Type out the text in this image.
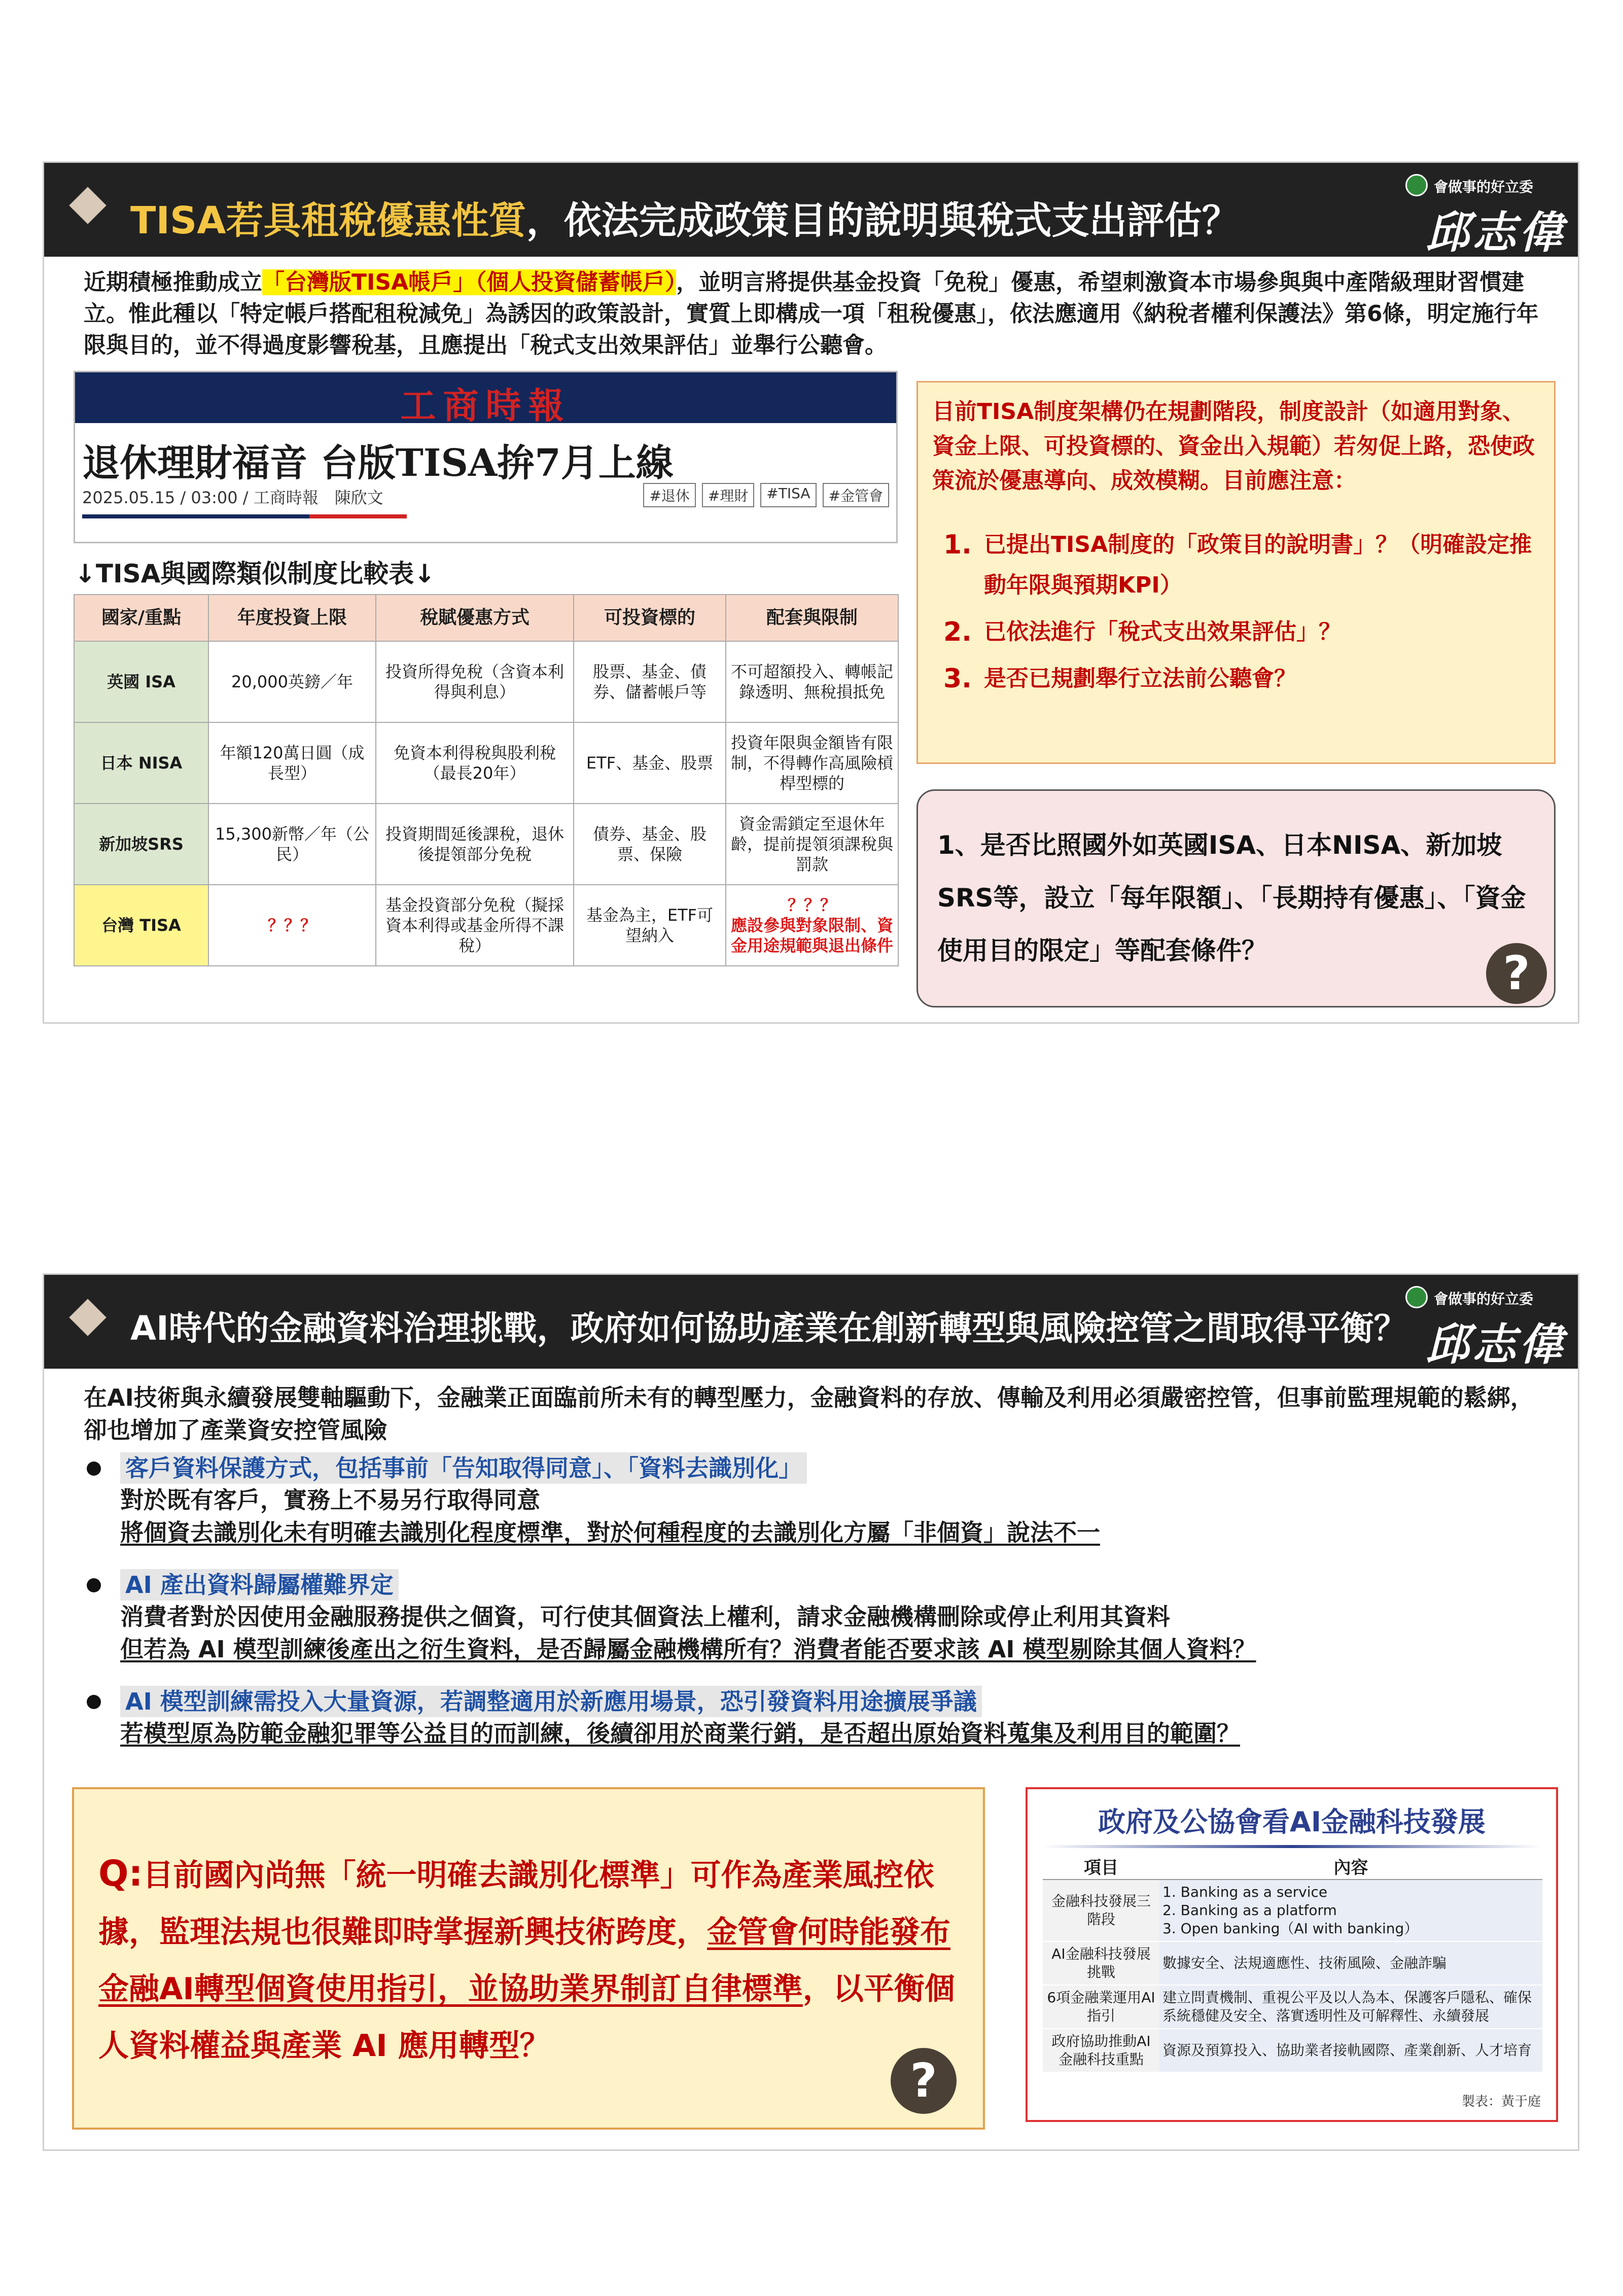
TISA若具租稅優惠性質，依法完成政策目的說明與稅式支出評估？
會做事的好立委
邱志偉
近期積極推動成立「台灣版TISA帳戶」（個人投資儲蓄帳戶），並明言將提供基金投資「免稅」優惠，希望刺激資本市場參與與中產階級理財習慣建立。惟此種以「特定帳戶搭配租稅減免」為誘因的政策設計，實質上即構成一項「租稅優惠」，依法應適用《納稅者權利保護法》第6條，明定施行年限與目的，並不得過度影響稅基，且應提出「稅式支出效果評估」並舉行公聽會。
工商時報
退休理財福音 台版TISA拚7月上線
2025.05.15 / 03:00 / 工商時報　陳欣文	#退休	#理財	#TISA	#金管會
↓TISA與國際類似制度比較表↓
國家/重點	年度投資上限	稅賦優惠方式	可投資標的	配套與限制
英國 ISA	20,000英鎊／年	投資所得免稅（含資本利得與利息）	股票、基金、債券、儲蓄帳戶等	不可超額投入、轉帳記錄透明、無稅損抵免
日本 NISA	年額120萬日圓（成長型）	免資本利得稅與股利稅（最長20年）	ETF、基金、股票	投資年限與金額皆有限制，不得轉作高風險槓桿型標的
新加坡SRS	15,300新幣／年（公民）	投資期間延後課稅，退休後提領部分免稅	債券、基金、股票、保險	資金需鎖定至退休年齡，提前提領須課稅與罰款
台灣 TISA	？？？	基金投資部分免稅（擬採資本利得或基金所得不課稅）	基金為主，ETF可望納入	？？？
應設參與對象限制、資金用途規範與退出條件
目前TISA制度架構仍在規劃階段，制度設計（如適用對象、資金上限、可投資標的、資金出入規範）若匆促上路，恐使政策流於優惠導向、成效模糊。目前應注意：
1. 已提出TISA制度的「政策目的說明書」？（明確設定推動年限與預期KPI）
2. 已依法進行「稅式支出效果評估」？
3. 是否已規劃舉行立法前公聽會？
1、是否比照國外如英國ISA、日本NISA、新加坡SRS等，設立「每年限額」、「長期持有優惠」、「資金使用目的限定」等配套條件？	?
AI時代的金融資料治理挑戰，政府如何協助產業在創新轉型與風險控管之間取得平衡？
會做事的好立委
邱志偉
在AI技術與永續發展雙軸驅動下，金融業正面臨前所未有的轉型壓力，金融資料的存放、傳輸及利用必須嚴密控管，但事前監理規範的鬆綁，卻也增加了產業資安控管風險
客戶資料保護方式，包括事前「告知取得同意」、「資料去識別化」
對於既有客戶，實務上不易另行取得同意
將個資去識別化未有明確去識別化程度標準，對於何種程度的去識別化方屬「非個資」說法不一
AI 產出資料歸屬權難界定
消費者對於因使用金融服務提供之個資，可行使其個資法上權利，請求金融機構刪除或停止利用其資料
但若為 AI 模型訓練後產出之衍生資料，是否歸屬金融機構所有？消費者能否要求該 AI 模型剔除其個人資料？
AI 模型訓練需投入大量資源，若調整適用於新應用場景，恐引發資料用途擴展爭議
若模型原為防範金融犯罪等公益目的而訓練，後續卻用於商業行銷，是否超出原始資料蒐集及利用目的範圍？
Q:目前國內尚無「統一明確去識別化標準」可作為產業風控依據，監理法規也很難即時掌握新興技術跨度，金管會何時能發布金融AI轉型個資使用指引，並協助業界制訂自律標準，以平衡個人資料權益與產業 AI 應用轉型？
?
政府及公協會看AI金融科技發展
項目	內容
金融科技發展三階段	1. Banking as a service
2. Banking as a platform
3. Open banking（AI with banking）
AI金融科技發展挑戰	數據安全、法規適應性、技術風險、金融詐騙
6項金融業運用AI指引	建立問責機制、重視公平及以人為本、保護客戶隱私、確保系統穩健及安全、落實透明性及可解釋性、永續發展
政府協助推動AI金融科技重點	資源及預算投入、協助業者接軌國際、產業創新、人才培育
製表：黃于庭
